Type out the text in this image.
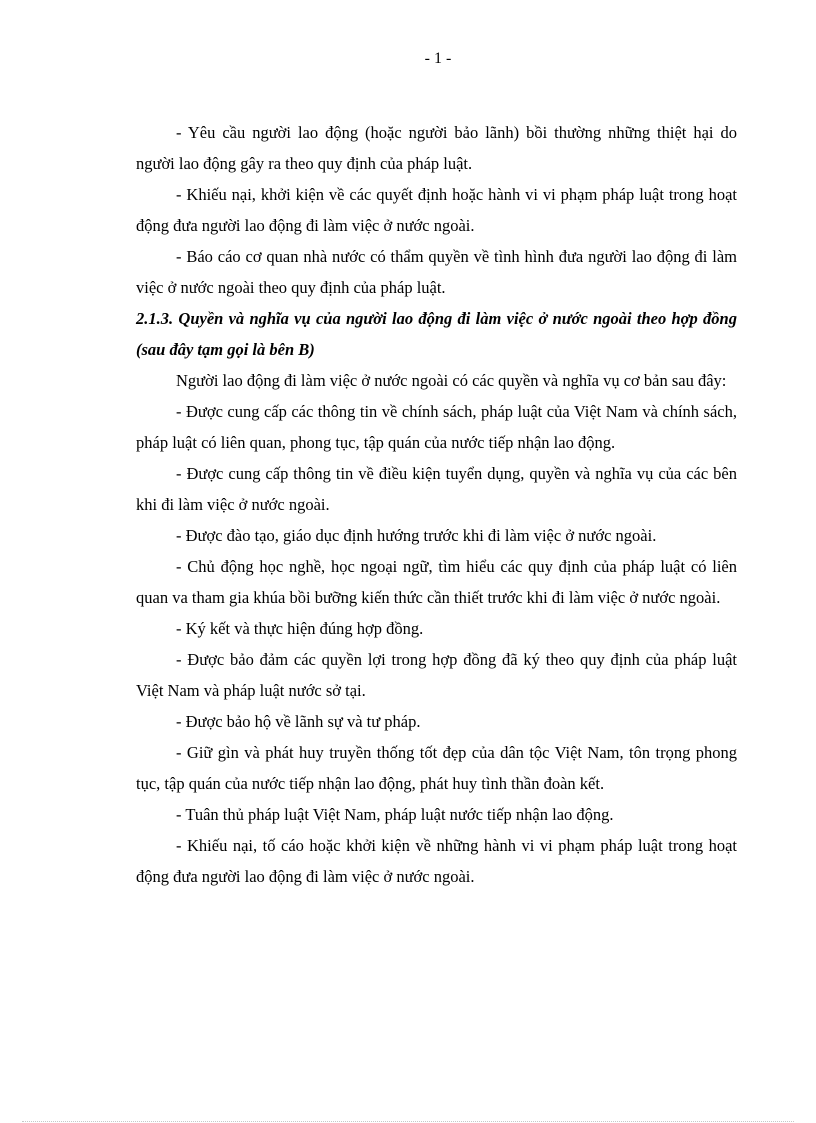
- 1 -

- Yêu cầu người lao động (hoặc người bảo lãnh) bồi thường những thiệt hại do người lao động gây ra theo quy định của pháp luật.

- Khiếu nại, khởi kiện về các quyết định hoặc hành vi vi phạm pháp luật trong hoạt động đưa người lao động đi làm việc ở nước ngoài.

- Báo cáo cơ quan nhà nước có thẩm quyền về tình hình đưa người lao động đi làm việc ở nước ngoài theo quy định của pháp luật.

2.1.3. Quyền và nghĩa vụ của người lao động đi làm việc ở nước ngoài theo hợp đồng (sau đây tạm gọi là bên B)

Người lao động đi làm việc ở nước ngoài có các quyền và nghĩa vụ cơ bản sau đây:

- Được cung cấp các thông tin về chính sách, pháp luật của Việt Nam và chính sách, pháp luật có liên quan, phong tục, tập quán của nước tiếp nhận lao động.

- Được cung cấp thông tin về điều kiện tuyển dụng, quyền và nghĩa vụ của các bên khi đi làm việc ở nước ngoài.

- Được đào tạo, giáo dục định hướng trước khi đi làm việc ở nước ngoài.

- Chủ động học nghề, học ngoại ngữ, tìm hiểu các quy định của pháp luật có liên quan va tham gia khúa bồi bưỡng kiến thức cần thiết trước khi đi làm việc ở nước ngoài.

- Ký kết và thực hiện đúng hợp đồng.

- Được bảo đảm các quyền lợi trong hợp đồng đã ký theo quy định của pháp luật Việt Nam và pháp luật nước sở tại.

- Được bảo hộ về lãnh sự và tư pháp.

- Giữ gìn và phát huy truyền thống tốt đẹp của dân tộc Việt Nam, tôn trọng phong tục, tập quán của nước tiếp nhận lao động, phát huy tình thần đoàn kết.

- Tuân thủ pháp luật Việt Nam, pháp luật nước tiếp nhận lao động.

- Khiếu nại, tố cáo hoặc khởi kiện về những hành vi vi phạm pháp luật trong hoạt động đưa người lao động đi làm việc ở nước ngoài.
